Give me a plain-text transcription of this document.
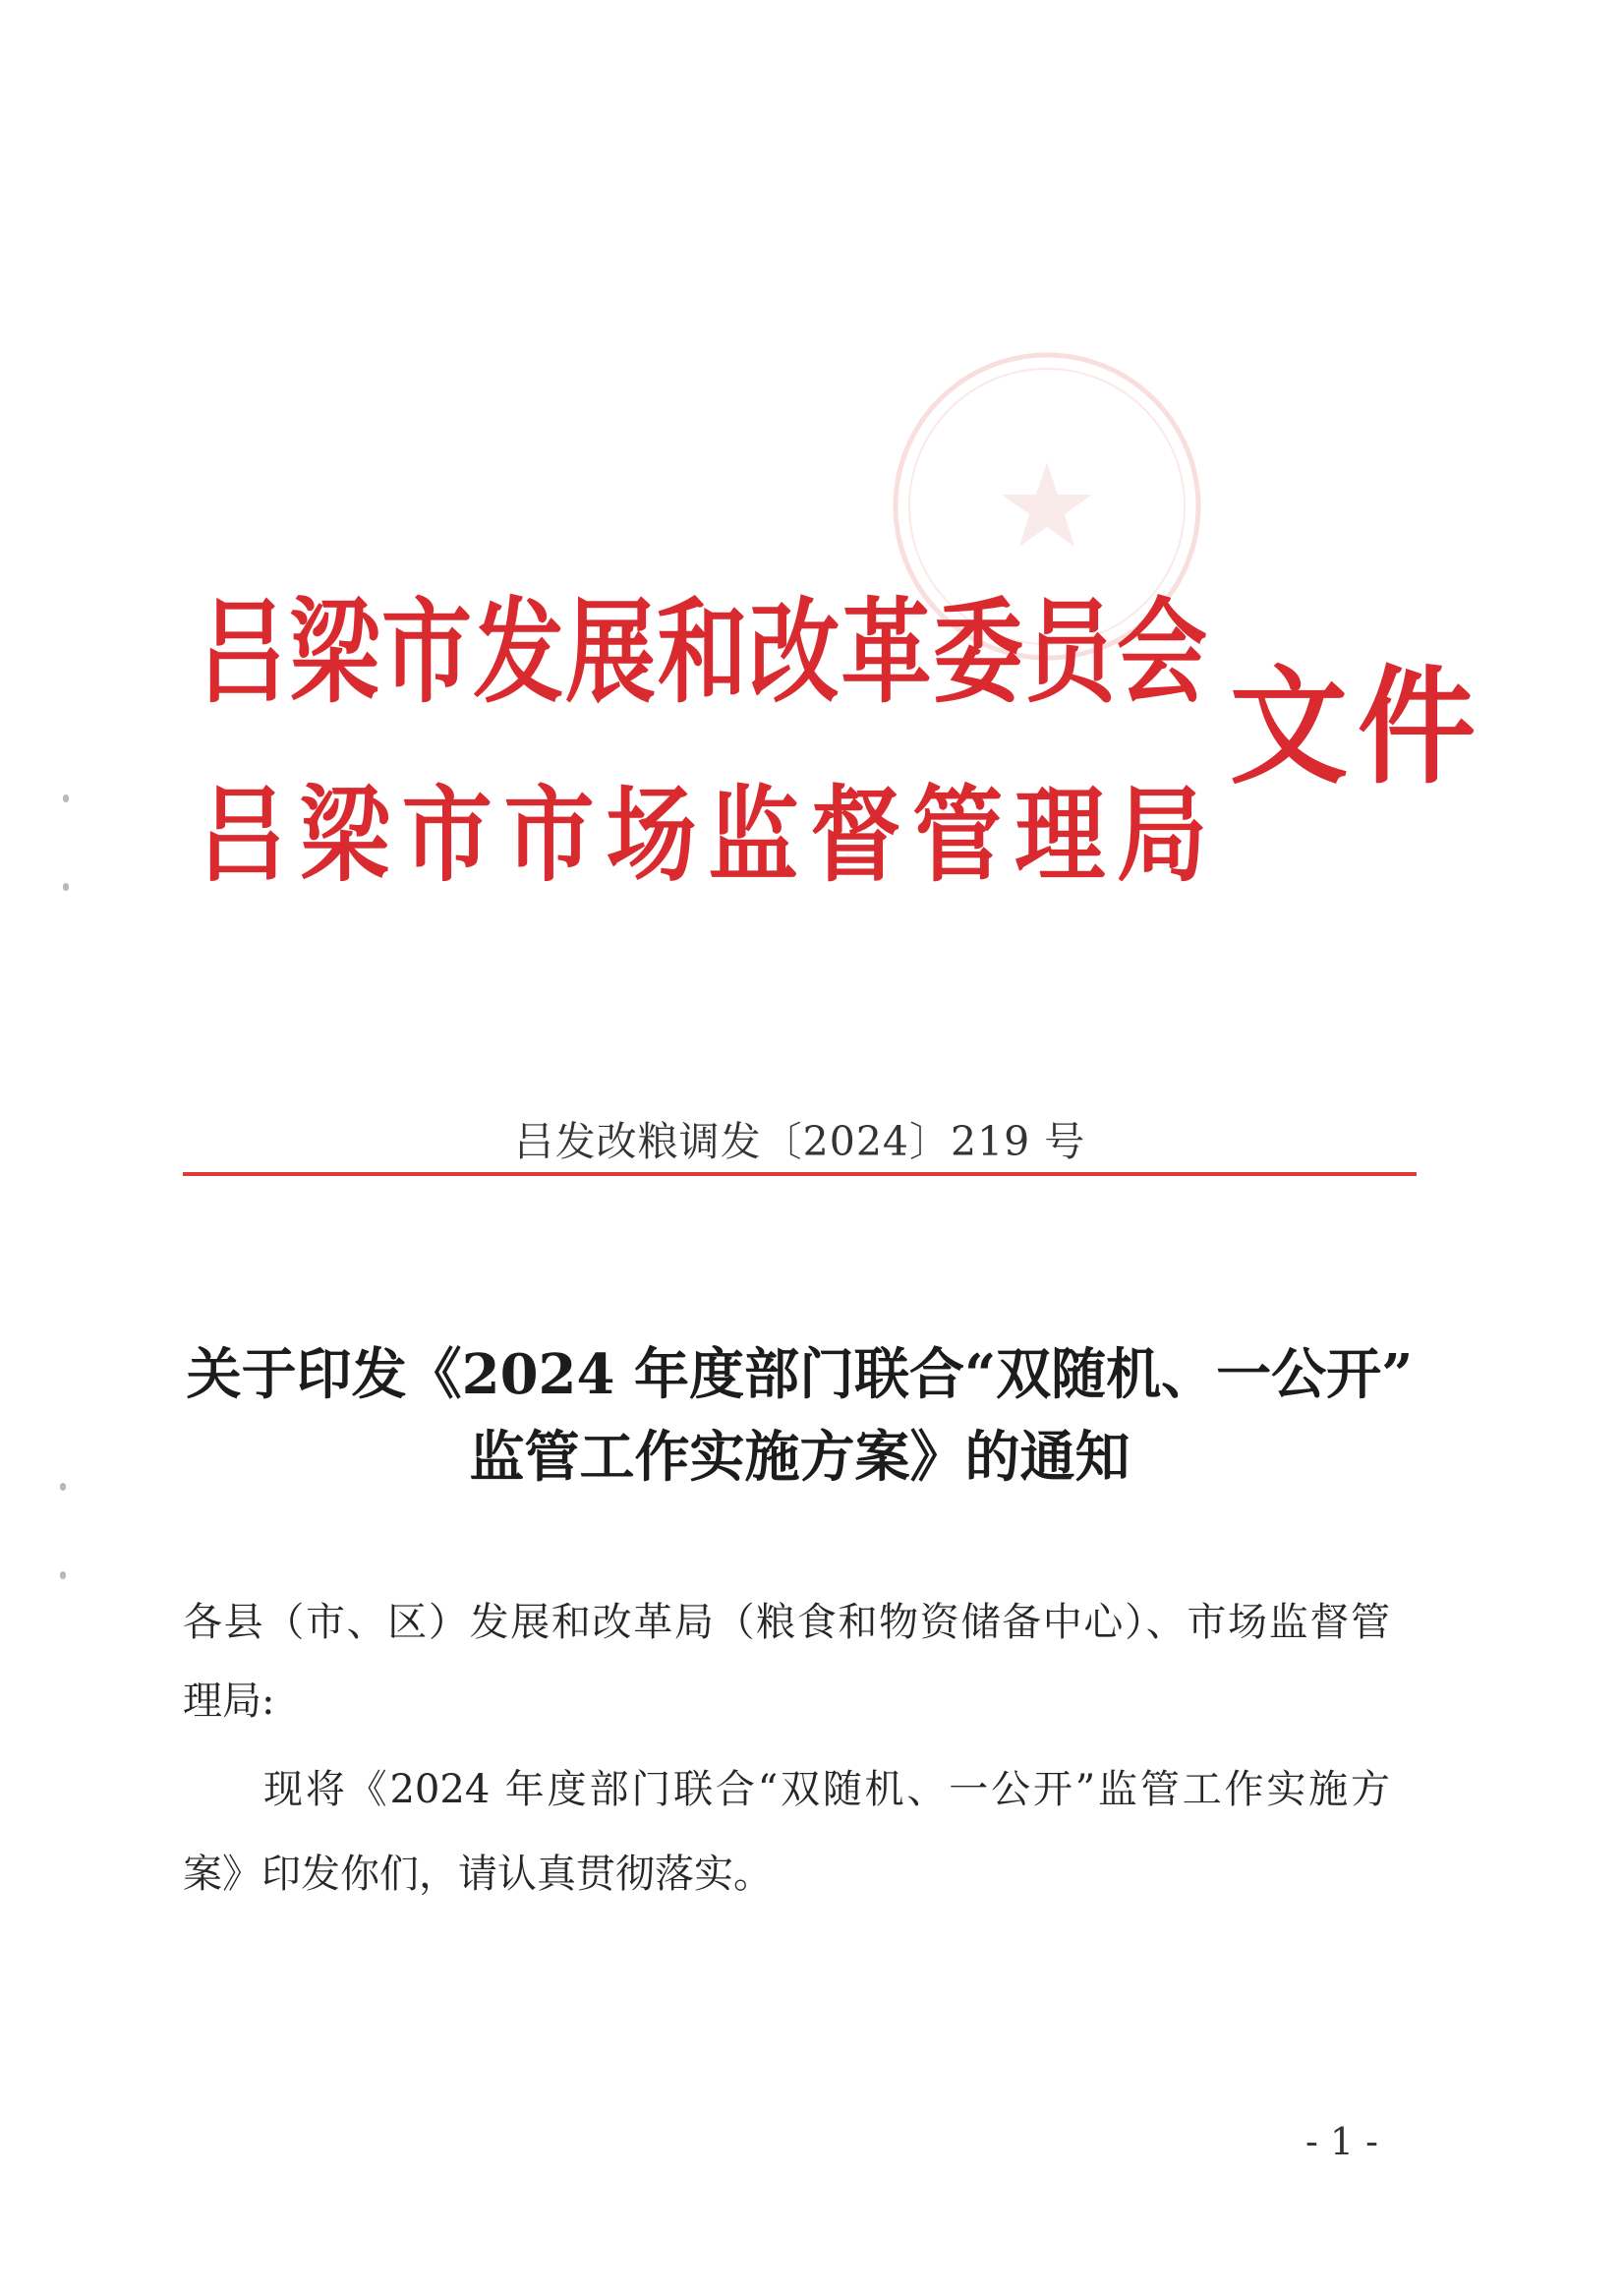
吕梁市发展和改革委员会
吕梁市市场监督管理局
文件
吕发改粮调发〔2024〕219 号
关于印发《2024 年度部门联合“双随机、一公开”
监管工作实施方案》的通知
各县（市、区）发展和改革局（粮食和物资储备中心）、市场监督管
理局:
现将《2024 年度部门联合“双随机、一公开”监管工作实施方
案》印发你们，请认真贯彻落实。
- 1 -
